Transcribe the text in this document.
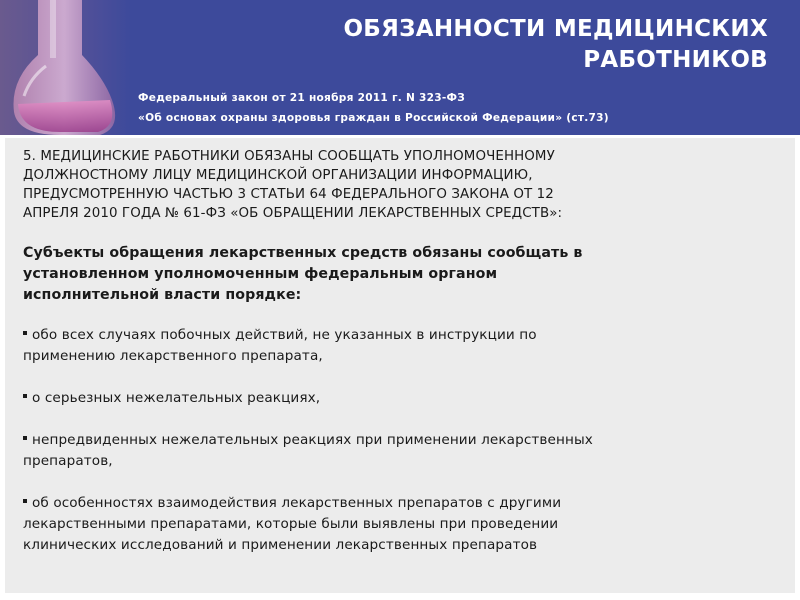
ОБЯЗАННОСТИ МЕДИЦИНСКИХ
РАБОТНИКОВ
Федеральный закон от 21 ноября 2011 г. N 323-ФЗ
«Об основах охраны здоровья граждан в Российской Федерации» (ст.73)

5. МЕДИЦИНСКИЕ РАБОТНИКИ ОБЯЗАНЫ СООБЩАТЬ УПОЛНОМОЧЕННОМУ
ДОЛЖНОСТНОМУ ЛИЦУ МЕДИЦИНСКОЙ ОРГАНИЗАЦИИ ИНФОРМАЦИЮ,
ПРЕДУСМОТРЕННУЮ ЧАСТЬЮ 3 СТАТЬИ 64 ФЕДЕРАЛЬНОГО ЗАКОНА ОТ 12
АПРЕЛЯ 2010 ГОДА № 61-ФЗ «ОБ ОБРАЩЕНИИ ЛЕКАРСТВЕННЫХ СРЕДСТВ»:

Субъекты обращения лекарственных средств обязаны сообщать в
установленном уполномоченным федеральным органом
исполнительной власти порядке:

обо всех случаях побочных действий, не указанных в инструкции по
применению лекарственного препарата,
о серьезных нежелательных реакциях,
непредвиденных нежелательных реакциях при применении лекарственных
препаратов,
об особенностях взаимодействия лекарственных препаратов с другими
лекарственными препаратами, которые были выявлены при проведении
клинических исследований и применении лекарственных препаратов
